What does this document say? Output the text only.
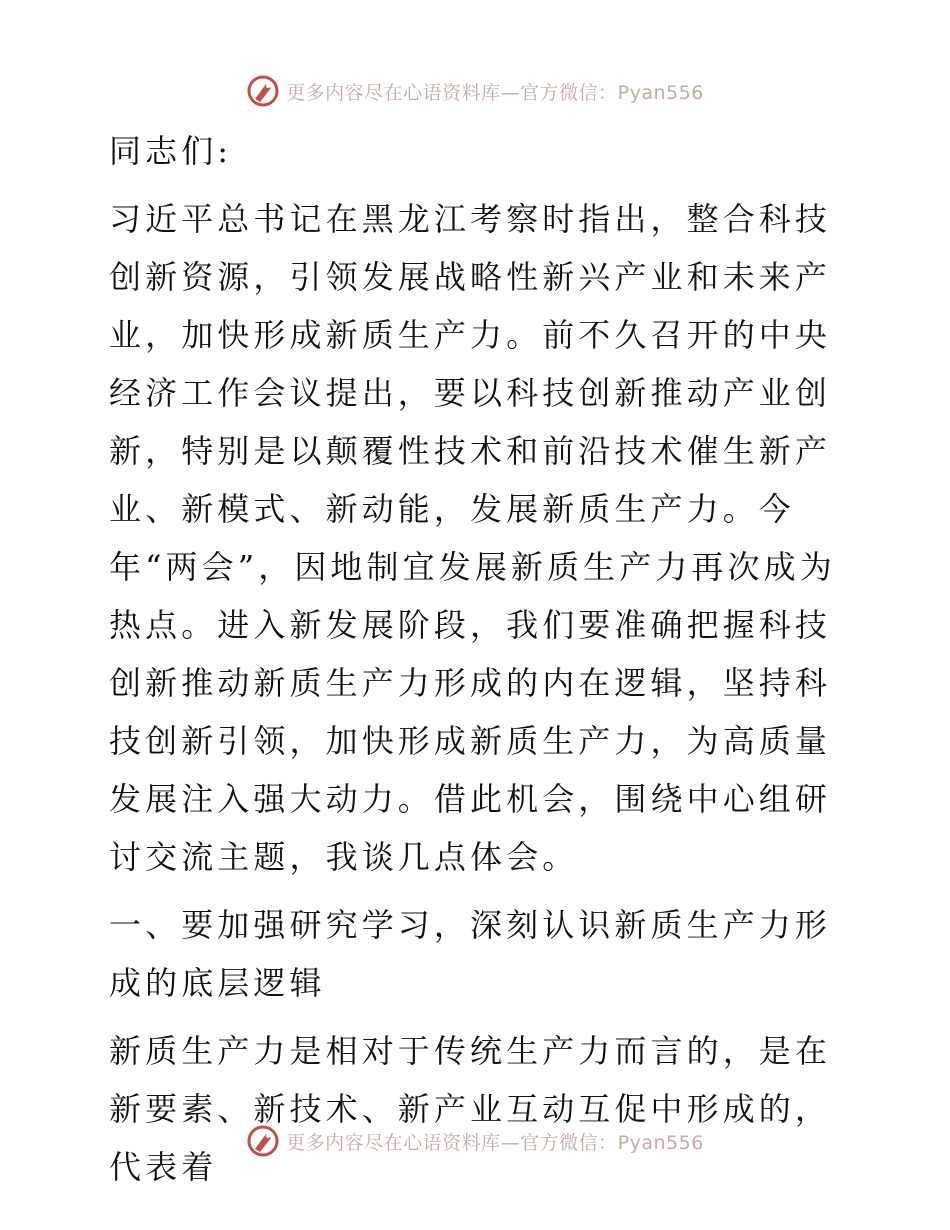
更多内容尽在心语资料库—官方微信：Pyan556

同志们:

习近平总书记在黑龙江考察时指出，整合科技创新资源，引领发展战略性新兴产业和未来产业，加快形成新质生产力。前不久召开的中央经济工作会议提出，要以科技创新推动产业创新，特别是以颠覆性技术和前沿技术催生新产业、新模式、新动能，发展新质生产力。今年“两会”，因地制宜发展新质生产力再次成为热点。进入新发展阶段，我们要准确把握科技创新推动新质生产力形成的内在逻辑，坚持科技创新引领，加快形成新质生产力，为高质量发展注入强大动力。借此机会，围绕中心组研讨交流主题，我谈几点体会。

一、要加强研究学习，深刻认识新质生产力形成的底层逻辑

新质生产力是相对于传统生产力而言的，是在新要素、新技术、新产业互动互促中形成的，代表着

更多内容尽在心语资料库—官方微信：Pyan556
